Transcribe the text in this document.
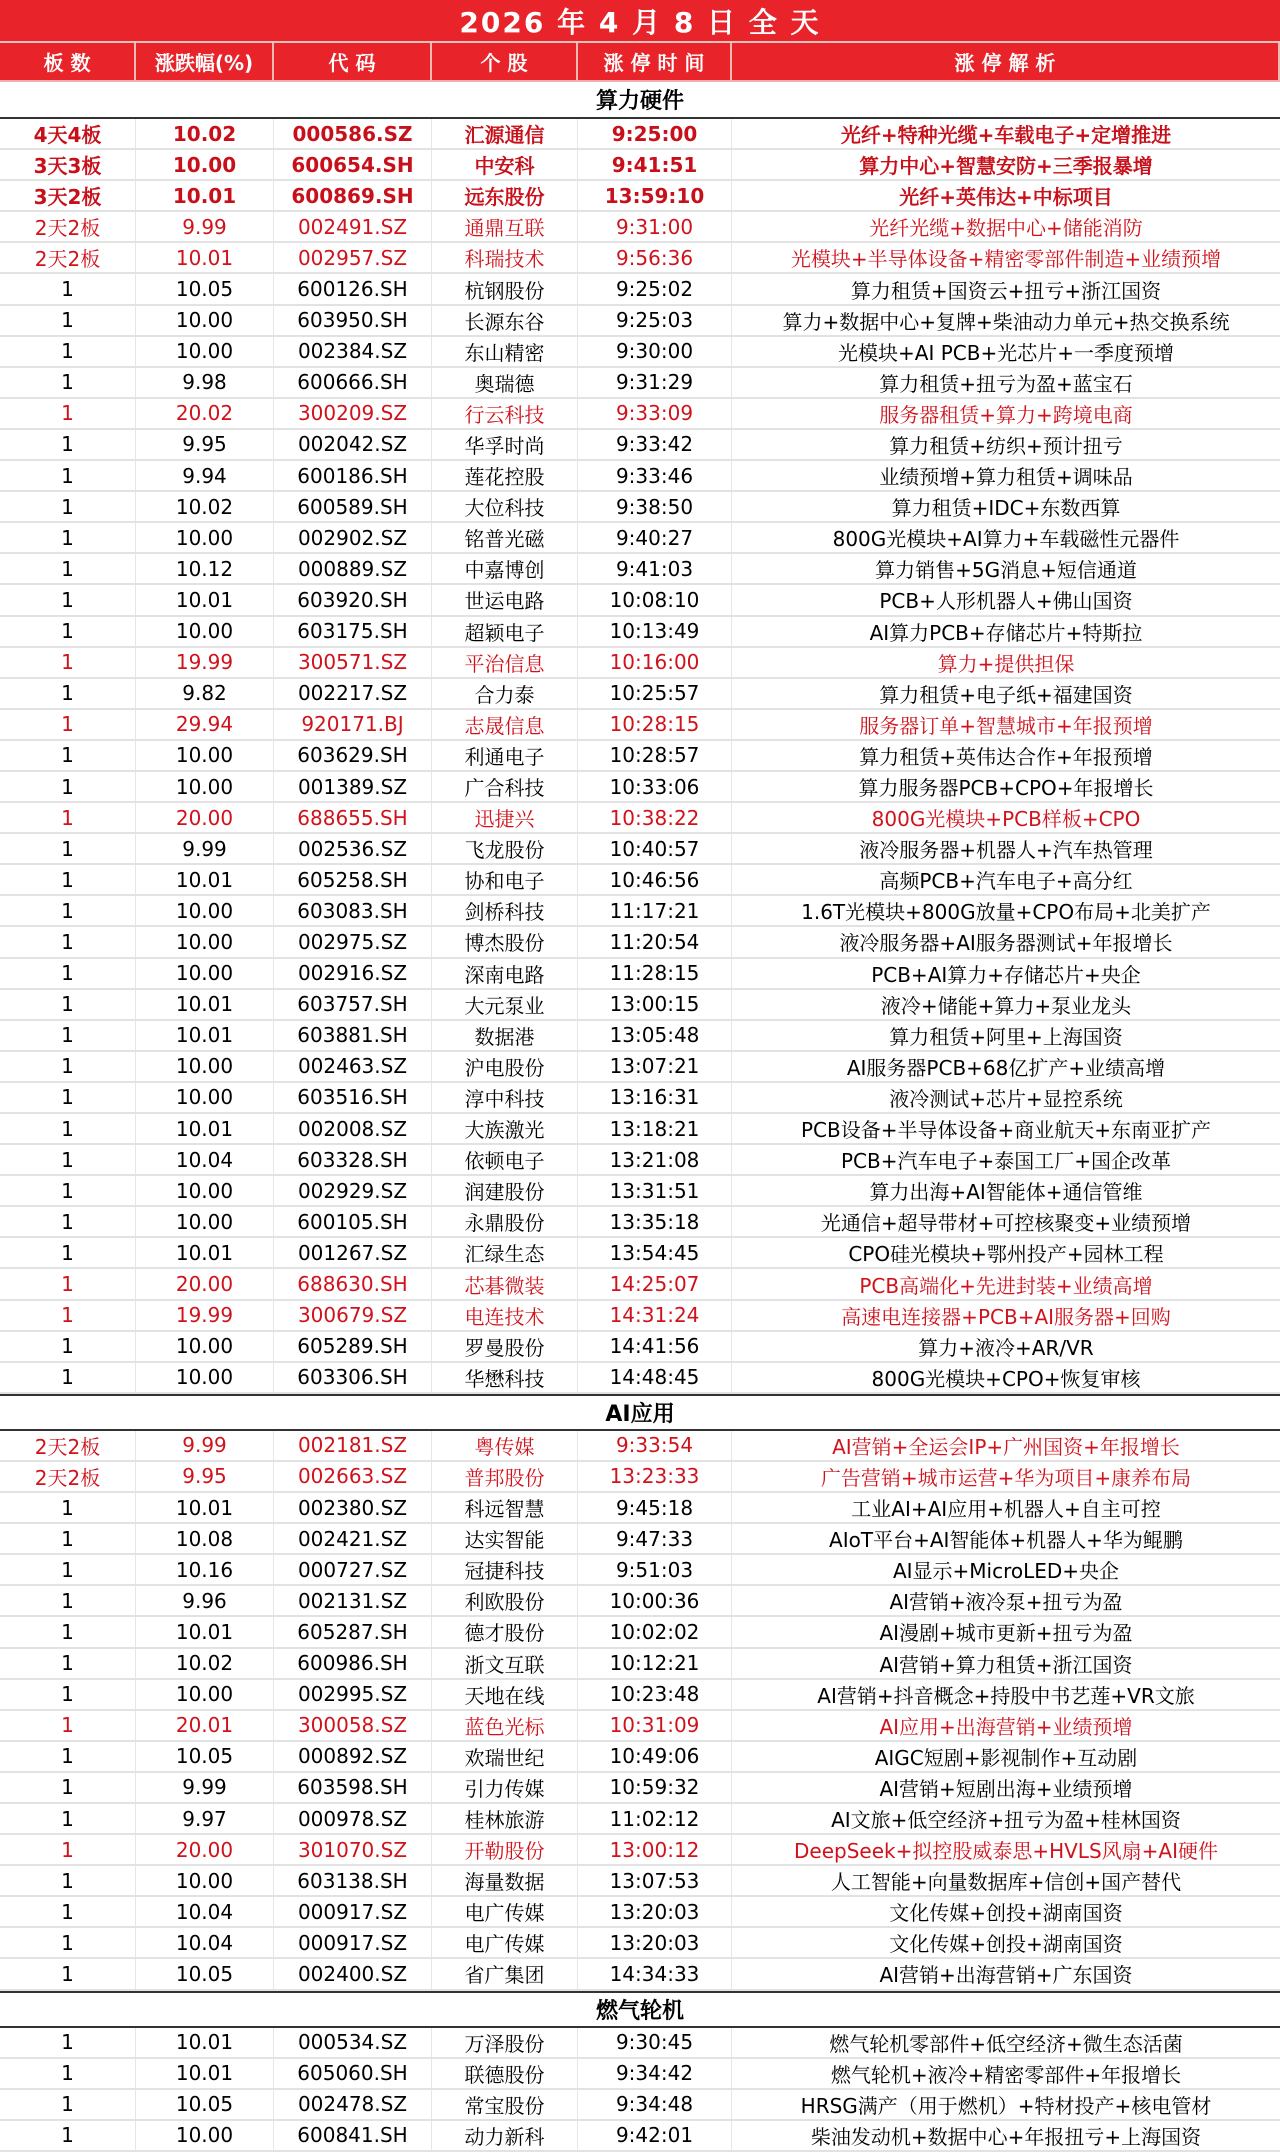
2026 年 4 月 8 日 全 天
板 数	涨跌幅(%)	代 码	个 股	涨 停 时 间	涨 停 解 析
算力硬件
4天4板	10.02	000586.SZ	汇源通信	9:25:00	光纤+特种光缆+车载电子+定增推进
3天3板	10.00	600654.SH	中安科	9:41:51	算力中心+智慧安防+三季报暴增
3天2板	10.01	600869.SH	远东股份	13:59:10	光纤+英伟达+中标项目
2天2板	9.99	002491.SZ	通鼎互联	9:31:00	光纤光缆+数据中心+储能消防
2天2板	10.01	002957.SZ	科瑞技术	9:56:36	光模块+半导体设备+精密零部件制造+业绩预增
1	10.05	600126.SH	杭钢股份	9:25:02	算力租赁+国资云+扭亏+浙江国资
1	10.00	603950.SH	长源东谷	9:25:03	算力+数据中心+复牌+柴油动力单元+热交换系统
1	10.00	002384.SZ	东山精密	9:30:00	光模块+AI PCB+光芯片+一季度预增
1	9.98	600666.SH	奥瑞德	9:31:29	算力租赁+扭亏为盈+蓝宝石
1	20.02	300209.SZ	行云科技	9:33:09	服务器租赁+算力+跨境电商
1	9.95	002042.SZ	华孚时尚	9:33:42	算力租赁+纺织+预计扭亏
1	9.94	600186.SH	莲花控股	9:33:46	业绩预增+算力租赁+调味品
1	10.02	600589.SH	大位科技	9:38:50	算力租赁+IDC+东数西算
1	10.00	002902.SZ	铭普光磁	9:40:27	800G光模块+AI算力+车载磁性元器件
1	10.12	000889.SZ	中嘉博创	9:41:03	算力销售+5G消息+短信通道
1	10.01	603920.SH	世运电路	10:08:10	PCB+人形机器人+佛山国资
1	10.00	603175.SH	超颖电子	10:13:49	AI算力PCB+存储芯片+特斯拉
1	19.99	300571.SZ	平治信息	10:16:00	算力+提供担保
1	9.82	002217.SZ	合力泰	10:25:57	算力租赁+电子纸+福建国资
1	29.94	920171.BJ	志晟信息	10:28:15	服务器订单+智慧城市+年报预增
1	10.00	603629.SH	利通电子	10:28:57	算力租赁+英伟达合作+年报预增
1	10.00	001389.SZ	广合科技	10:33:06	算力服务器PCB+CPO+年报增长
1	20.00	688655.SH	迅捷兴	10:38:22	800G光模块+PCB样板+CPO
1	9.99	002536.SZ	飞龙股份	10:40:57	液冷服务器+机器人+汽车热管理
1	10.01	605258.SH	协和电子	10:46:56	高频PCB+汽车电子+高分红
1	10.00	603083.SH	剑桥科技	11:17:21	1.6T光模块+800G放量+CPO布局+北美扩产
1	10.00	002975.SZ	博杰股份	11:20:54	液冷服务器+AI服务器测试+年报增长
1	10.00	002916.SZ	深南电路	11:28:15	PCB+AI算力+存储芯片+央企
1	10.01	603757.SH	大元泵业	13:00:15	液冷+储能+算力+泵业龙头
1	10.01	603881.SH	数据港	13:05:48	算力租赁+阿里+上海国资
1	10.00	002463.SZ	沪电股份	13:07:21	AI服务器PCB+68亿扩产+业绩高增
1	10.00	603516.SH	淳中科技	13:16:31	液冷测试+芯片+显控系统
1	10.01	002008.SZ	大族激光	13:18:21	PCB设备+半导体设备+商业航天+东南亚扩产
1	10.04	603328.SH	依顿电子	13:21:08	PCB+汽车电子+泰国工厂+国企改革
1	10.00	002929.SZ	润建股份	13:31:51	算力出海+AI智能体+通信管维
1	10.00	600105.SH	永鼎股份	13:35:18	光通信+超导带材+可控核聚变+业绩预增
1	10.01	001267.SZ	汇绿生态	13:54:45	CPO硅光模块+鄂州投产+园林工程
1	20.00	688630.SH	芯碁微装	14:25:07	PCB高端化+先进封装+业绩高增
1	19.99	300679.SZ	电连技术	14:31:24	高速电连接器+PCB+AI服务器+回购
1	10.00	605289.SH	罗曼股份	14:41:56	算力+液冷+AR/VR
1	10.00	603306.SH	华懋科技	14:48:45	800G光模块+CPO+恢复审核
AI应用
2天2板	9.99	002181.SZ	粤传媒	9:33:54	AI营销+全运会IP+广州国资+年报增长
2天2板	9.95	002663.SZ	普邦股份	13:23:33	广告营销+城市运营+华为项目+康养布局
1	10.01	002380.SZ	科远智慧	9:45:18	工业AI+AI应用+机器人+自主可控
1	10.08	002421.SZ	达实智能	9:47:33	AIoT平台+AI智能体+机器人+华为鲲鹏
1	10.16	000727.SZ	冠捷科技	9:51:03	AI显示+MicroLED+央企
1	9.96	002131.SZ	利欧股份	10:00:36	AI营销+液冷泵+扭亏为盈
1	10.01	605287.SH	德才股份	10:02:02	AI漫剧+城市更新+扭亏为盈
1	10.02	600986.SH	浙文互联	10:12:21	AI营销+算力租赁+浙江国资
1	10.00	002995.SZ	天地在线	10:23:48	AI营销+抖音概念+持股中书艺莲+VR文旅
1	20.01	300058.SZ	蓝色光标	10:31:09	AI应用+出海营销+业绩预增
1	10.05	000892.SZ	欢瑞世纪	10:49:06	AIGC短剧+影视制作+互动剧
1	9.99	603598.SH	引力传媒	10:59:32	AI营销+短剧出海+业绩预增
1	9.97	000978.SZ	桂林旅游	11:02:12	AI文旅+低空经济+扭亏为盈+桂林国资
1	20.00	301070.SZ	开勒股份	13:00:12	DeepSeek+拟控股威泰思+HVLS风扇+AI硬件
1	10.00	603138.SH	海量数据	13:07:53	人工智能+向量数据库+信创+国产替代
1	10.04	000917.SZ	电广传媒	13:20:03	文化传媒+创投+湖南国资
1	10.04	000917.SZ	电广传媒	13:20:03	文化传媒+创投+湖南国资
1	10.05	002400.SZ	省广集团	14:34:33	AI营销+出海营销+广东国资
燃气轮机
1	10.01	000534.SZ	万泽股份	9:30:45	燃气轮机零部件+低空经济+微生态活菌
1	10.01	605060.SH	联德股份	9:34:42	燃气轮机+液冷+精密零部件+年报增长
1	10.05	002478.SZ	常宝股份	9:34:48	HRSG满产（用于燃机）+特材投产+核电管材
1	10.00	600841.SH	动力新科	9:42:01	柴油发动机+数据中心+年报扭亏+上海国资
